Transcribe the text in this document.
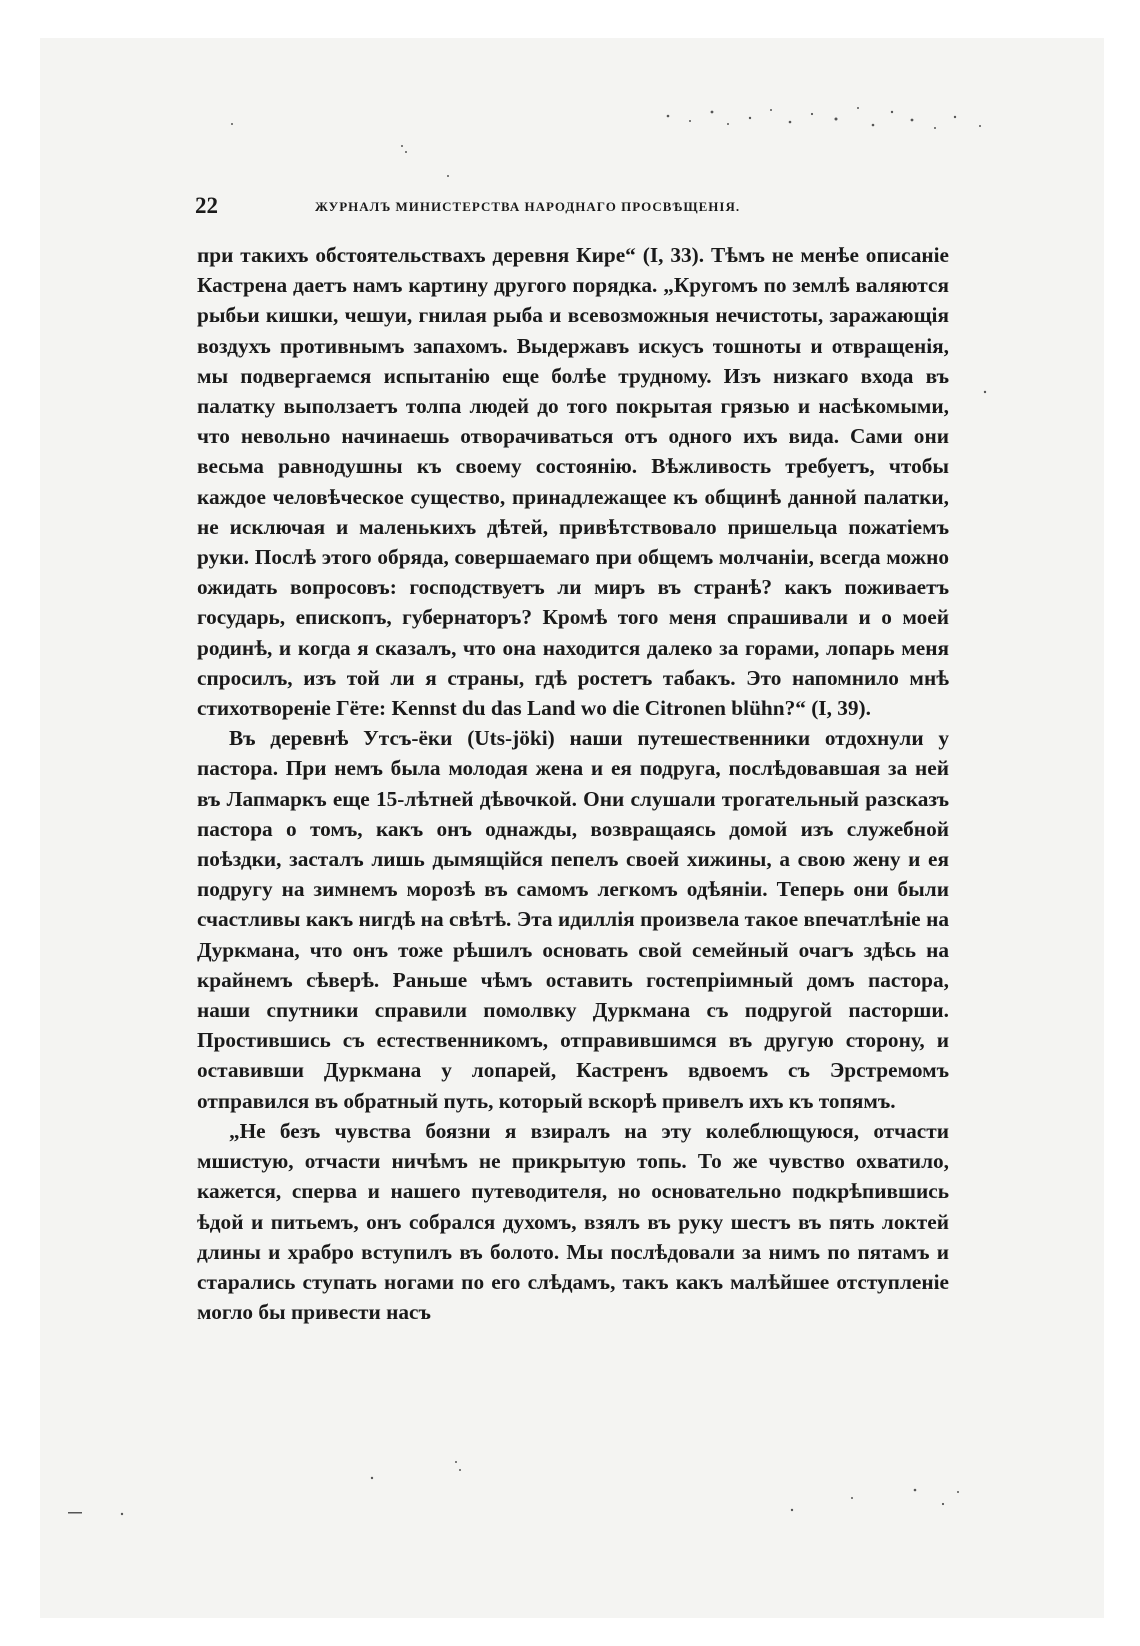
22	ЖУРНАЛЪ МИНИСТЕРСТВА НАРОДНАГО ПРОСВѢЩЕНІЯ.

при такихъ обстоятельствахъ деревня Кирe“ (I, 33). Тѣмъ не менѣе описаніе Кастрена даетъ намъ картину другого порядка. „Кругомъ по землѣ валяются рыбьи кишки, чешуи, гнилая рыба и всевозможныя нечистоты, заражающія воздухъ противнымъ запахомъ. Выдержавъ искусъ тошноты и отвращенія, мы подвергаемся испытанію еще болѣе трудному. Изъ низкаго входа въ палатку выползаетъ толпа людей до того покрытая грязью и насѣкомыми, что невольно начинаешь отворачиваться отъ одного ихъ вида. Сами они весьма равнодушны къ своему состоянію. Вѣжливость требуетъ, чтобы каждое человѣческое существо, принадлежащее къ общинѣ данной палатки, не исключая и маленькихъ дѣтей, привѣтствовало пришельца пожатіемъ руки. Послѣ этого обряда, совершаемаго при общемъ молчаніи, всегда можно ожидать вопросовъ: господствуетъ ли миръ въ странѣ? какъ поживаетъ государь, епископъ, губернаторъ? Кромѣ того меня спрашивали и о моей родинѣ, и когда я сказалъ, что она находится далеко за горами, лопарь меня спросилъ, изъ той ли я страны, гдѣ ростетъ табакъ. Это напомнило мнѣ стихотвореніе Гёте: Kennst du das Land wo die Citronen blühn?“ (I, 39).

Въ деревнѣ Утсъ-ёки (Uts-jöki) наши путешественники отдохнули у пастора. При немъ была молодая жена и ея подруга, послѣдовавшая за ней въ Лапмаркъ еще 15-лѣтней дѣвочкой. Они слушали трогательный разсказъ пастора о томъ, какъ онъ однажды, возвращаясь домой изъ служебной поѣздки, засталъ лишь дымящійся пепелъ своей хижины, а свою жену и ея подругу на зимнемъ морозѣ въ самомъ легкомъ одѣяніи. Теперь они были счастливы какъ нигдѣ на свѣтѣ. Эта идиллія произвела такое впечатлѣніе на Дуркмана, что онъ тоже рѣшилъ основать свой семейный очагъ здѣсь на крайнемъ сѣверѣ. Раньше чѣмъ оставить гостепріимный домъ пастора, наши спутники справили помолвку Дуркмана съ подругой пасторши. Простившись съ естественникомъ, отправившимся въ другую сторону, и оставивши Дуркмана у лопарей, Кастренъ вдвоемъ съ Эрстремомъ отправился въ обратный путь, который вскорѣ привелъ ихъ къ топямъ.

„Не безъ чувства боязни я взиралъ на эту колеблющуюся, отчасти мшистую, отчасти ничѣмъ не прикрытую топь. То же чувство охватило, кажется, сперва и нашего путеводителя, но основательно подкрѣпившись ѣдой и питьемъ, онъ собрался духомъ, взялъ въ руку шестъ въ пять локтей длины и храбро вступилъ въ болото. Мы послѣдовали за нимъ по пятамъ и старались ступать ногами по его слѣдамъ, такъ какъ малѣйшее отступленіе могло бы привести насъ
